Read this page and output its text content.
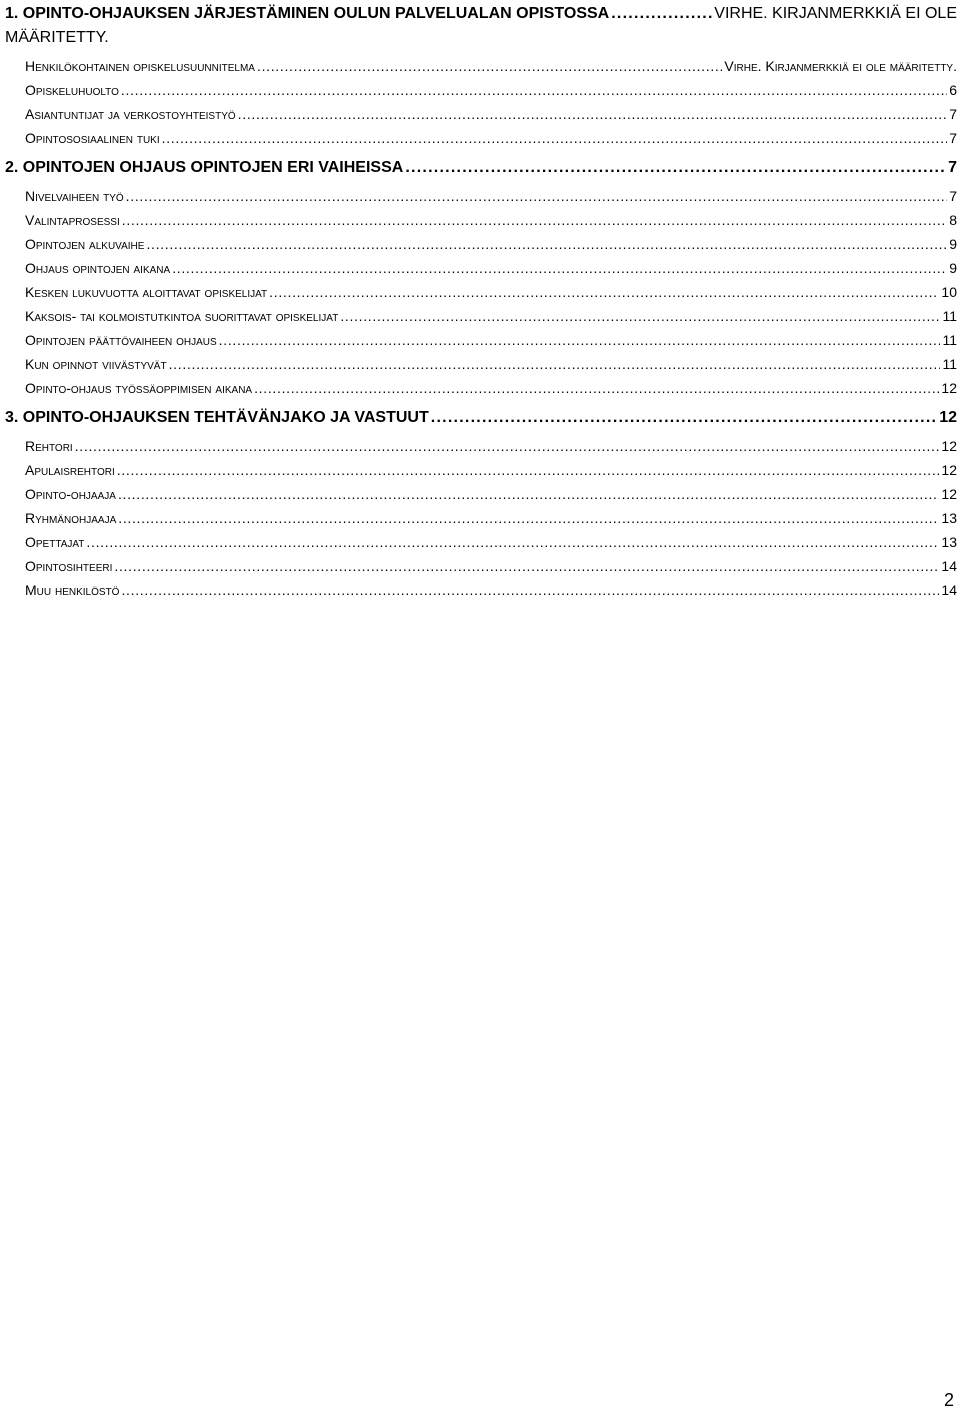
1. OPINTO-OHJAUKSEN JÄRJESTÄMINEN OULUN PALVELUALAN OPISTOSSA . . .	VIRHE. KIRJANMERKKIÄ EI OLE
MÄÄRITETTY.
Henkilökohtainen opiskelusuunnitelma . . .	Virhe. Kirjanmerkkiä ei ole määritetty.
Opiskeluhuolto . . .	6
Asiantuntijat ja verkostoyhteistyö . . .	7
Opintososiaalinen tuki . . .	7
2. OPINTOJEN OHJAUS OPINTOJEN ERI VAIHEISSA . . .	7
Nivelvaiheen työ . . .	7
Valintaprosessi . . .	8
Opintojen alkuvaihe . . .	9
Ohjaus opintojen aikana . . .	9
Kesken lukuvuotta aloittavat opiskelijat . . .	10
Kaksois- tai kolmoistutkintoa suorittavat opiskelijat . . .	11
Opintojen päättövaiheen ohjaus . . .	11
Kun opinnot viivästyvät . . .	11
Opinto-ohjaus työssäoppimisen aikana . . .	12
3. OPINTO-OHJAUKSEN TEHTÄVÄNJAKO JA VASTUUT . . .	12
Rehtori . . .	12
Apulaisrehtori . . .	12
Opinto-ohjaaja . . .	12
Ryhmänohjaaja . . .	13
Opettajat . . .	13
Opintosihteeri . . .	14
Muu henkilöstö . . .	14
2
